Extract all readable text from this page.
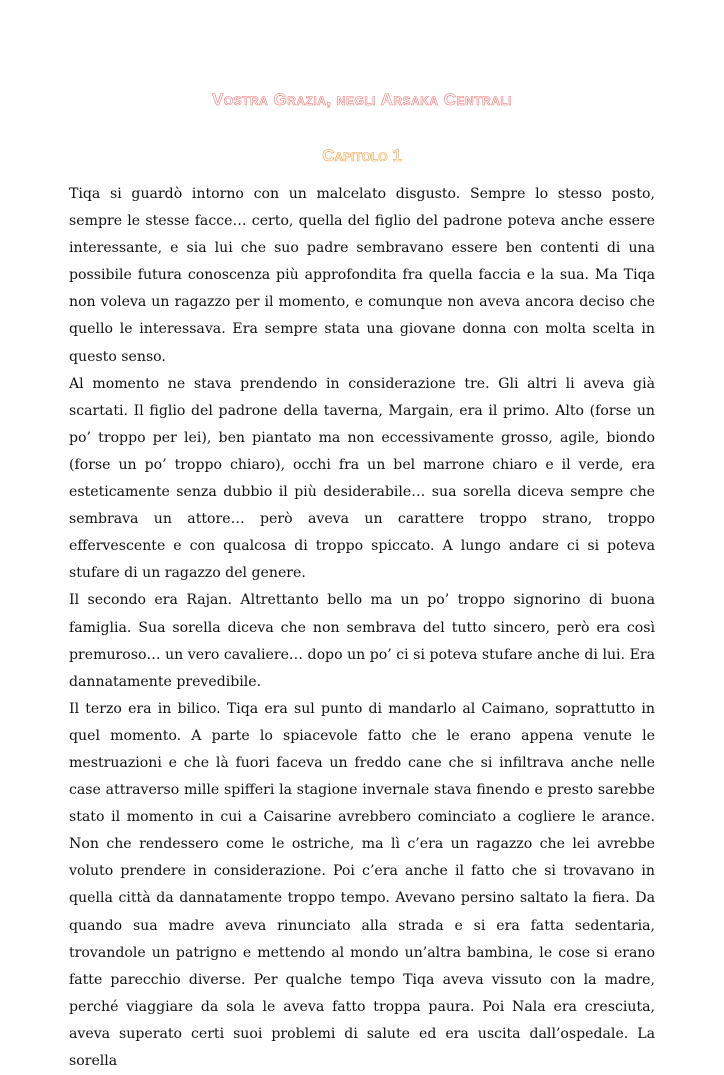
Vostra Grazia, negli Arsaka Centrali
Capitolo 1

Tiqa si guardò intorno con un malcelato disgusto. Sempre lo stesso posto, sempre le stesse facce… certo, quella del figlio del padrone poteva anche essere interessante, e sia lui che suo padre sembravano essere ben contenti di una possibile futura conoscenza più approfondita fra quella faccia e la sua. Ma Tiqa non voleva un ragazzo per il momento, e comunque non aveva ancora deciso che quello le interessava. Era sempre stata una giovane donna con molta scelta in questo senso.

Al momento ne stava prendendo in considerazione tre. Gli altri li aveva già scartati. Il figlio del padrone della taverna, Margain, era il primo. Alto (forse un po’ troppo per lei), ben piantato ma non eccessivamente grosso, agile, biondo (forse un po’ troppo chiaro), occhi fra un bel marrone chiaro e il verde, era esteticamente senza dubbio il più desiderabile… sua sorella diceva sempre che sembrava un attore… però aveva un carattere troppo strano, troppo effervescente e con qualcosa di troppo spiccato. A lungo andare ci si poteva stufare di un ragazzo del genere.

Il secondo era Rajan. Altrettanto bello ma un po’ troppo signorino di buona famiglia. Sua sorella diceva che non sembrava del tutto sincero, però era così premuroso… un vero cavaliere… dopo un po’ ci si poteva stufare anche di lui. Era dannatamente prevedibile.

Il terzo era in bilico. Tiqa era sul punto di mandarlo al Caimano, soprattutto in quel momento. A parte lo spiacevole fatto che le erano appena venute le mestruazioni e che là fuori faceva un freddo cane che si infiltrava anche nelle case attraverso mille spifferi la stagione invernale stava finendo e presto sarebbe stato il momento in cui a Caisarine avrebbero cominciato a cogliere le arance. Non che rendessero come le ostriche, ma lì c’era un ragazzo che lei avrebbe voluto prendere in considerazione. Poi c’era anche il fatto che si trovavano in quella città da dannatamente troppo tempo. Avevano persino saltato la fiera. Da quando sua madre aveva rinunciato alla strada e si era fatta sedentaria, trovandole un patrigno e mettendo al mondo un’altra bambina, le cose si erano fatte parecchio diverse. Per qualche tempo Tiqa aveva vissuto con la madre, perché viaggiare da sola le aveva fatto troppa paura. Poi Nala era cresciuta, aveva superato certi suoi problemi di salute ed era uscita dall’ospedale. La sorella
